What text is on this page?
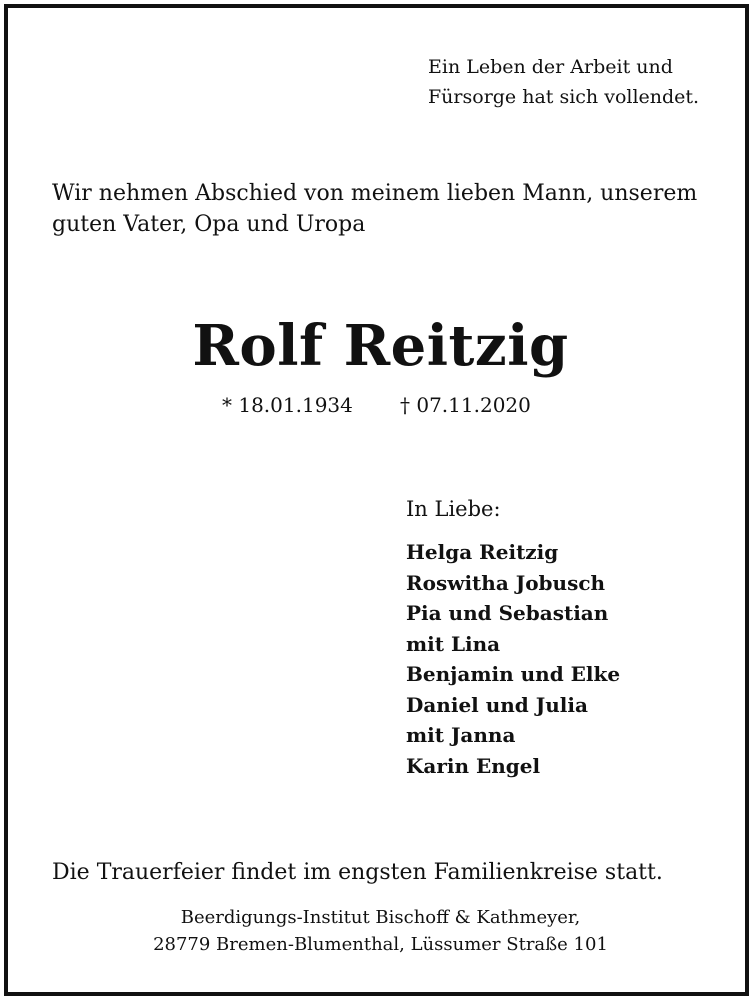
Ein Leben der Arbeit und
Fürsorge hat sich vollendet.
Wir nehmen Abschied von meinem lieben Mann, unserem
guten Vater, Opa und Uropa
Rolf Reitzig
* 18.01.1934 † 07.11.2020
In Liebe:
Helga Reitzig
Roswitha Jobusch
Pia und Sebastian
mit Lina
Benjamin und Elke
Daniel und Julia
mit Janna
Karin Engel
Die Trauerfeier findet im engsten Familienkreise statt.
Beerdigungs-Institut Bischoff & Kathmeyer,
28779 Bremen-Blumenthal, Lüssumer Straße 101
